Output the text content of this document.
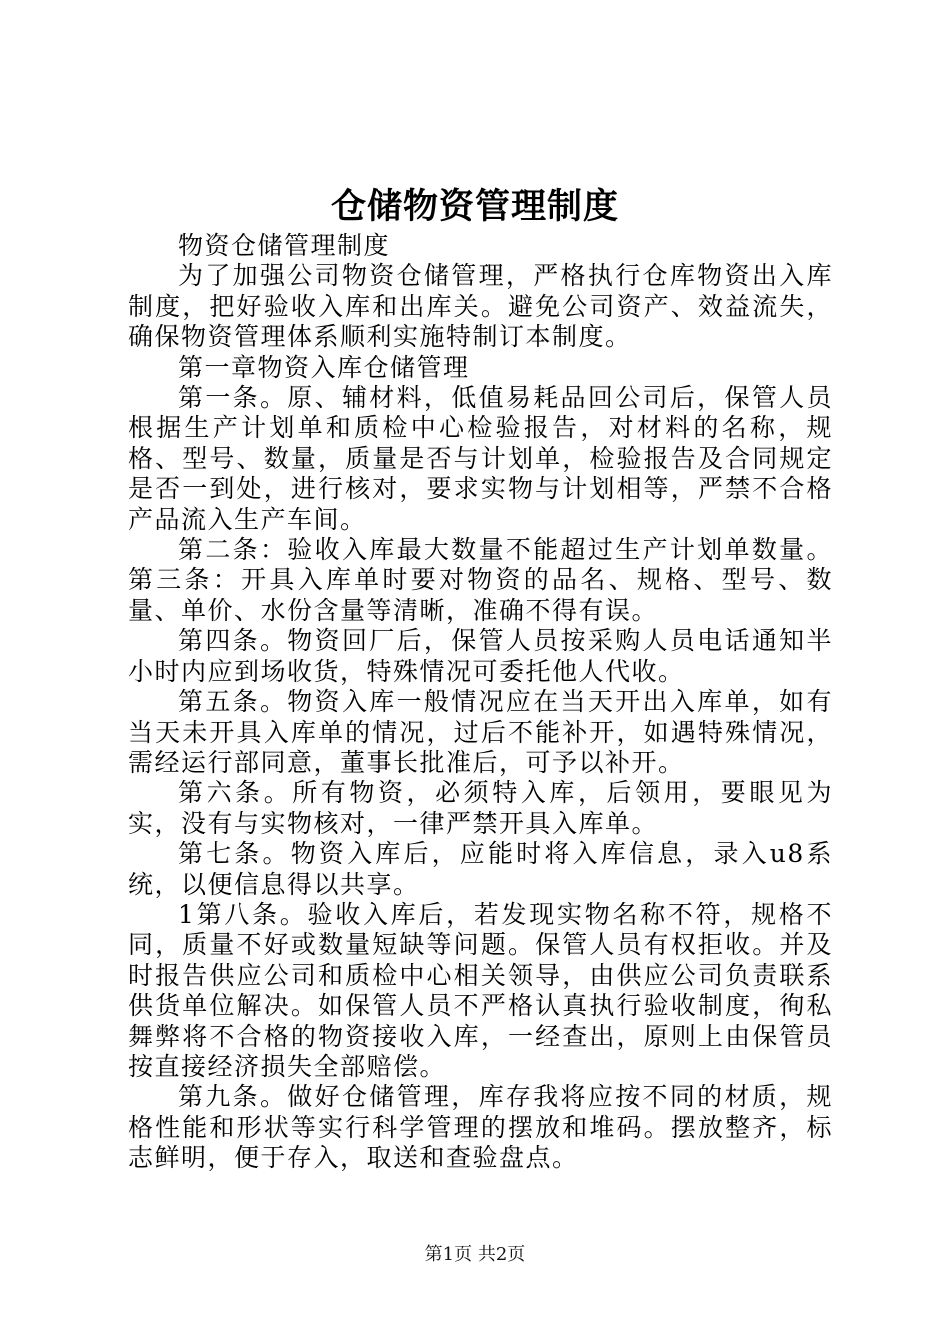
仓储物资管理制度

物资仓储管理制度

为了加强公司物资仓储管理，严格执行仓库物资出入库制度，把好验收入库和出库关。避免公司资产、效益流失，确保物资管理体系顺利实施特制订本制度。

第一章物资入库仓储管理

第一条。原、辅材料，低值易耗品回公司后，保管人员根据生产计划单和质检中心检验报告，对材料的名称，规格、型号、数量，质量是否与计划单，检验报告及合同规定是否一到处，进行核对，要求实物与计划相等，严禁不合格产品流入生产车间。

第二条：验收入库最大数量不能超过生产计划单数量。第三条：开具入库单时要对物资的品名、规格、型号、数量、单价、水份含量等清晰，准确不得有误。

第四条。物资回厂后，保管人员按采购人员电话通知半小时内应到场收货，特殊情况可委托他人代收。

第五条。物资入库一般情况应在当天开出入库单，如有当天未开具入库单的情况，过后不能补开，如遇特殊情况，需经运行部同意，董事长批准后，可予以补开。

第六条。所有物资，必须特入库，后领用，要眼见为实，没有与实物核对，一律严禁开具入库单。

第七条。物资入库后，应能时将入库信息，录入u8系统，以便信息得以共享。

1第八条。验收入库后，若发现实物名称不符，规格不同，质量不好或数量短缺等问题。保管人员有权拒收。并及时报告供应公司和质检中心相关领导，由供应公司负责联系供货单位解决。如保管人员不严格认真执行验收制度，徇私舞弊将不合格的物资接收入库，一经查出，原则上由保管员按直接经济损失全部赔偿。

第九条。做好仓储管理，库存我将应按不同的材质，规格性能和形状等实行科学管理的摆放和堆码。摆放整齐，标志鲜明，便于存入，取送和查验盘点。

第1页 共2页
